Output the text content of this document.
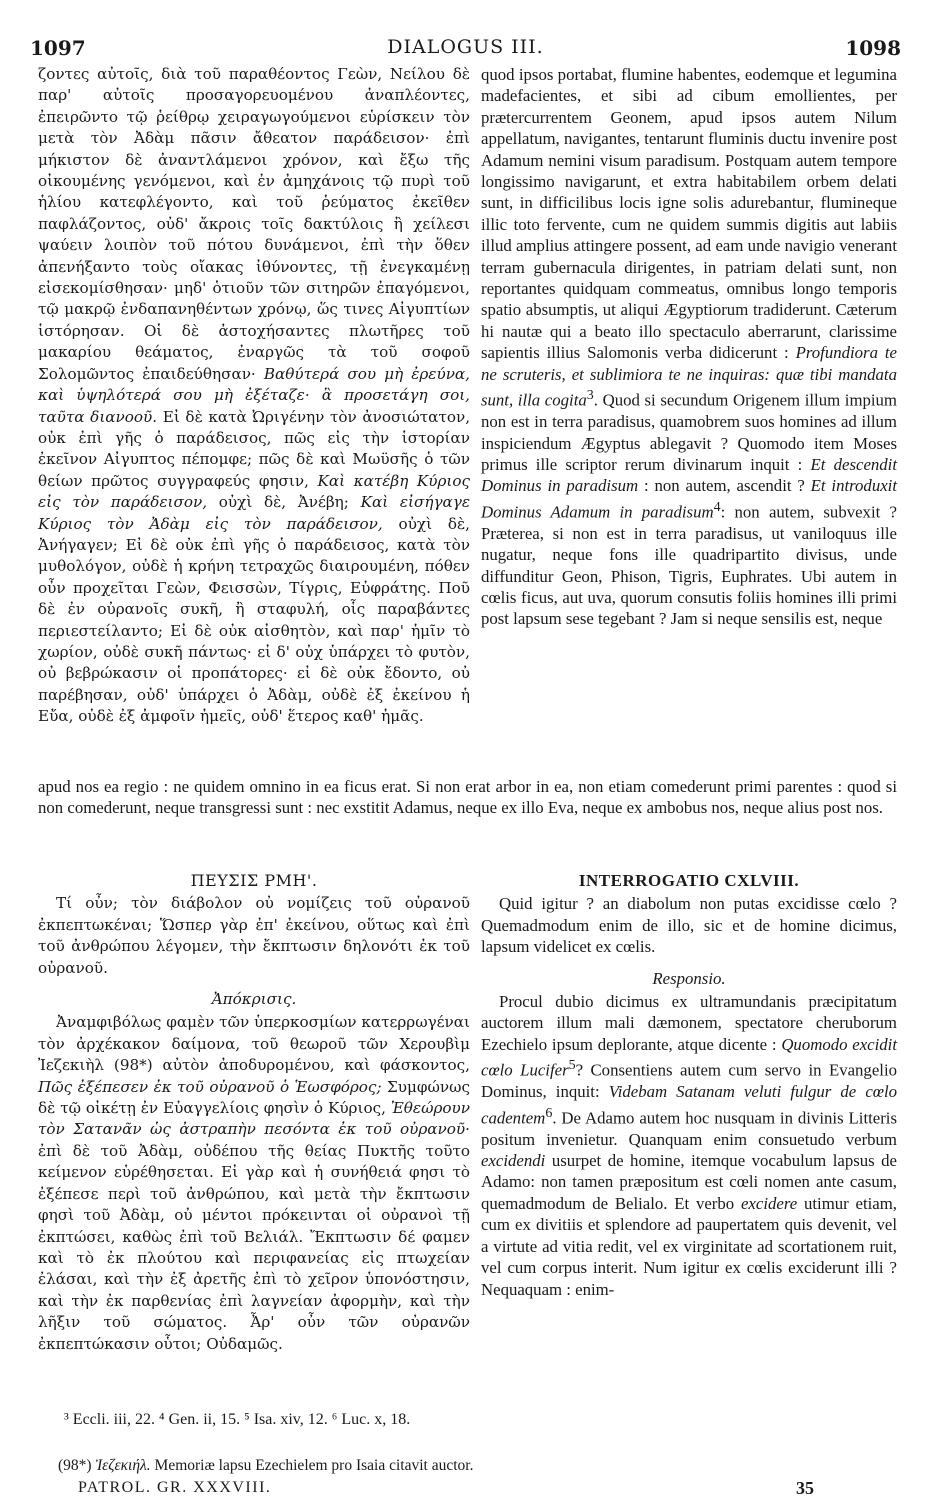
1097	DIALOGUS III.	1098

ζοντες αὐτοῖς, διὰ τοῦ παραθέοντος Γεὼν, Νείλου δὲ παρ' αὐτοῖς προσαγορευομένου ἀναπλέοντες, ἐπειρῶντο τῷ ῥείθρῳ χειραγωγούμενοι εὑρίσκειν τὸν μετὰ τὸν Ἀδὰμ πᾶσιν ἄθεατον παράδεισον· ἐπὶ μήκιστον δὲ ἀναντλάμενοι χρόνον, καὶ ἔξω τῆς οἰκουμένης γενόμενοι, καὶ ἐν ἀμηχάνοις τῷ πυρὶ τοῦ ἡλίου κατεφλέγοντο, καὶ τοῦ ῥεύματος ἐκεῖθεν παφλάζοντος, οὐδ' ἄκροις τοῖς δακτύλοις ἢ χείλεσι ψαύειν λοιπὸν τοῦ πότου δυνάμενοι, ἐπὶ τὴν ὅθεν ἀπενήξαντο τοὺς οἴακας ἰθύνοντες, τῇ ἐνεγκαμένῃ εἰσεκομίσθησαν· μηδ' ὁτιοῦν τῶν σιτηρῶν ἐπαγόμενοι, τῷ μακρῷ ἐνδαπανηθέντων χρόνῳ, ὥς τινες Αἰγυπτίων ἱστόρησαν. Οἱ δὲ ἀστοχήσαντες πλωτῆρες τοῦ μακαρίου θεάματος, ἐναργῶς τὰ τοῦ σοφοῦ Σολομῶντος ἐπαιδεύθησαν· Βαθύτερά σου μὴ ἐρεύνα, καὶ ὑψηλότερά σου μὴ ἐξέταζε· ἃ προσετάγη σοι, ταῦτα διανοοῦ. Εἰ δὲ κατὰ Ὠριγένην τὸν ἀνοσιώτατον, οὐκ ἐπὶ γῆς ὁ παράδεισος, πῶς εἰς τὴν ἱστορίαν ἐκεῖνον Αἰγυπτος πέπομφε; πῶς δὲ καὶ Μωϋσῆς ὁ τῶν θείων πρῶτος συγγραφεύς φησιν, Καὶ κατέβη Κύριος εἰς τὸν παράδεισον, οὐχὶ δὲ, Ἀνέβη; Καὶ εἰσήγαγε Κύριος τὸν Ἀδὰμ εἰς τὸν παράδεισον, οὐχὶ δὲ, Ἀνήγαγεν; Εἰ δὲ οὐκ ἐπὶ γῆς ὁ παράδεισος, κατὰ τὸν μυθολόγον, οὐδὲ ἡ κρήνη τετραχῶς διαιρουμένη, πόθεν οὖν προχεῖται Γεὼν, Φεισσὼν, Τίγρις, Εὐφράτης. Ποῦ δὲ ἐν οὐρανοῖς συκῆ, ἢ σταφυλή, οἷς παραβάντες περιεστείλαντο; Εἰ δὲ οὐκ αἰσθητὸν, καὶ παρ' ἡμῖν τὸ χωρίον, οὐδὲ συκῆ πάντως· εἰ δ' οὐχ ὑπάρχει τὸ φυτὸν, οὐ βεβρώκασιν οἱ προπάτορες· εἰ δὲ οὐκ ἔδοντο, οὐ παρέβησαν, οὐδ' ὑπάρχει ὁ Ἀδὰμ, οὐδὲ ἐξ ἐκείνου ἡ Εὔα, οὐδὲ ἐξ ἀμφοῖν ἡμεῖς, οὐδ' ἕτερος καθ' ἡμᾶς.

quod ipsos portabat, flumine habentes, eodemque et leguminа madefacientes, et sibi ad cibum emollientes, per prætercurrentem Geonem, apud ipsos autem Nilum appellatum, navigantes, tentarunt fluminis ductu invenire post Adamum nemini visum paradisum. Postquam autem tempore longissimo navigarunt, et extra habitabilem orbem delati sunt, in difficilibus locis igne solis adurebantur, flumineque illic toto fervente, cum ne quidem summis digitis aut labiis illud amplius attingere possent, ad eam unde navigio venerant terram gubernacula dirigentes, in patriam delati sunt, non reportantes quidquam commeatus, omnibus longo temporis spatio absumptis, ut aliqui Ægyptiorum tradiderunt. Cæterum hi nautæ qui a beato illo spectaculo aberrarunt, clarissime sapientis illius Salomonis verba didicerunt : Profundiora te ne scruteris, et sublimiora te ne inquiras: quæ tibi mandata sunt, illa cogita$^3$. Quod si secundum Origenem illum impium non est in terra paradisus, quamobrem suos homines ad illum inspiciendum Ægyptus ablegavit ? Quomodo item Moses primus ille scriptor rerum divinarum inquit : Et descendit Dominus in paradisum : non autem, ascendit ? Et introduxit Dominus Adamum in paradisum$^4$: non autem, subvexit ? Præterea, si non est in terra paradisus, ut vaniloquus ille nugatur, neque fons ille quadripartito divisus, unde diffunditur Geon, Phison, Tigris, Euphrates. Ubi autem in cœlis ficus, aut uva, quorum consutis foliis homines illi primi post lapsum sese tegebant ? Jam si neque sensilis est, neque

apud nos ea regio : ne quidem omnino in ea ficus erat. Si non erat arbor in ea, non etiam comederunt primi parentes : quod si non comederunt, neque transgressi sunt : nec exstitit Adamus, neque ex illo Eva, neque ex ambobus nos, neque alius post nos.

ΠΕΥΣΙΣ ΡΜΗ'.

Τί οὖν; τὸν διάβολον οὐ νομίζεις τοῦ οὐρανοῦ ἐκπεπτωκέναι; Ὥσπερ γὰρ ἐπ' ἐκείνου, οὕτως καὶ ἐπὶ τοῦ ἀνθρώπου λέγομεν, τὴν ἔκπτωσιν δηλονότι ἐκ τοῦ οὐρανοῦ.

Ἀπόκρισις.

Ἀναμφιβόλως φαμὲν τῶν ὑπερκοσμίων κατερρωγέναι τὸν ἀρχέκακον δαίμονα, τοῦ θεωροῦ τῶν Χερουβὶμ Ἰεζεκιὴλ (98*) αὐτὸν ἀποδυρομένου, καὶ φάσκοντος, Πῶς ἐξέπεσεν ἐκ τοῦ οὐρανοῦ ὁ Ἑωσφόρος; Συμφώνως δὲ τῷ οἰκέτῃ ἐν Εὐαγγελίοις φησὶν ὁ Κύριος, Ἐθεώρουν τὸν Σατανᾶν ὡς ἀστραπὴν πεσόντα ἐκ τοῦ οὐρανοῦ· ἐπὶ δὲ τοῦ Ἀδὰμ, οὐδέπου τῆς θείας Πυκτῆς τοῦτο κείμενον εὑρέθησεται. Εἰ γὰρ καὶ ἡ συνήθειά φησι τὸ ἐξέπεσε περὶ τοῦ ἀνθρώπου, καὶ μετὰ τὴν ἔκπτωσιν φησὶ τοῦ Ἀδὰμ, οὐ μέντοι πρόκεινται οἱ οὐρανοὶ τῇ ἐκπτώσει, καθὼς ἐπὶ τοῦ Βελιάλ. Ἔκπτωσιν δέ φαμεν καὶ τὸ ἐκ πλούτου καὶ περιφανείας εἰς πτωχείαν ἐλάσαι, καὶ τὴν ἐξ ἀρετῆς ἐπὶ τὸ χεῖρον ὑπονόστησιν, καὶ τὴν ἐκ παρθενίας ἐπὶ λαγνείαν ἀφορμὴν, καὶ τὴν λῆξιν τοῦ σώματος. Ἆρ' οὖν τῶν οὐρανῶν ἐκπεπτώκασιν οὗτοι; Οὐδαμῶς.

INTERROGATIO CXLVIII.

Quid igitur ? an diabolum non putas excidisse cœlo ? Quemadmodum enim de illo, sic et de homine dicimus, lapsum videlicet ex cœlis.

Responsio.

Procul dubio dicimus ex ultramundanis præcipitatum auctorem illum mali dæmonem, spectatore cheruborum Ezechielo ipsum deplorante, atque dicente : Quomodo excidit cœlo Lucifer$^5$? Consentiens autem cum servo in Evangelio Dominus, inquit: Videbam Satanam veluti fulgur de cœlo cadentem$^6$. De Adamo autem hoc nusquam in divinis Litteris positum invenietur. Quanquam enim consuetudo verbum excidendi usurpet de homine, itemque vocabulum lapsus de Adamo: non tamen præpositum est cœli nomen ante casum, quemadmodum de Belialo. Et verbo excidere utimur etiam, cum ex divitiis et splendore ad paupertatem quis devenit, vel a virtute ad vitia redit, vel ex virginitate ad scortationem ruit, vel cum corpus interit. Num igitur ex cœlis exciderunt illi ? Nequaquam : enim-

³ Eccli. iii, 22. ⁴ Gen. ii, 15. ⁵ Isa. xiv, 12. ⁶ Luc. x, 18.
(98*) Ἰεζεκιήλ. Memoriæ lapsu Ezechielem pro Isaia citavit auctor.
PATROL. GR. XXXVIII.	35
